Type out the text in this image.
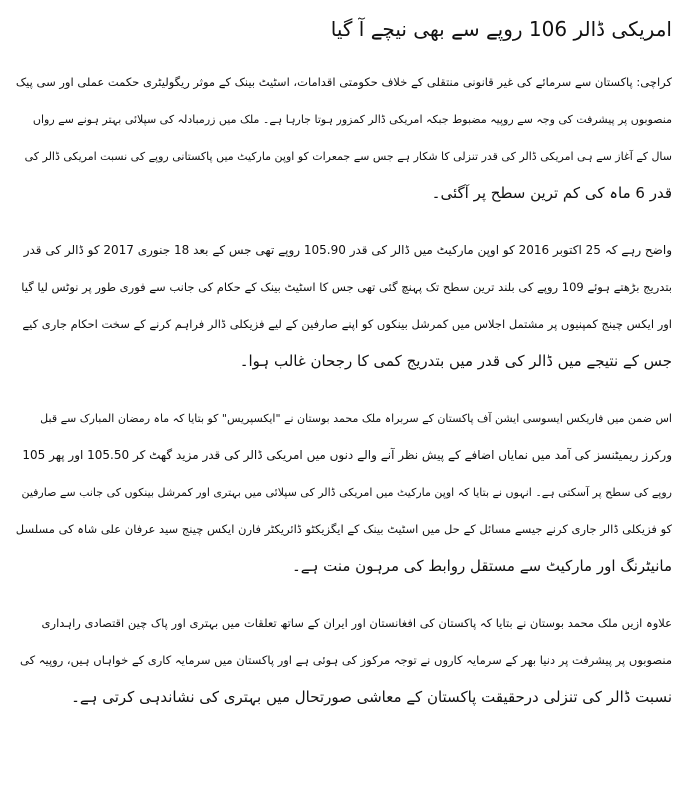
امریکی ڈالر 106 روپے سے بھی نیچے آ گیا

کراچی: پاکستان سے سرمائے کی غیر قانونی منتقلی کے خلاف حکومتی اقدامات، اسٹیٹ بینک کے موثر ریگولیٹری حکمت عملی اور سی پیک
منصوبوں پر پیشرفت کی وجہ سے روپیہ مضبوط جبکہ امریکی ڈالر کمزور ہوتا جارہا ہے۔ ملک میں زرمبادلہ کی سپلائی بہتر ہونے سے رواں
سال کے آغاز سے ہی امریکی ڈالر کی قدر تنزلی کا شکار ہے جس سے جمعرات کو اوپن مارکیٹ میں پاکستانی روپے کی نسبت امریکی ڈالر کی
قدر 6 ماہ کی کم ترین سطح پر آگئی۔

واضح رہے کہ 25 اکتوبر 2016 کو اوپن مارکیٹ میں ڈالر کی قدر 105.90 روپے تھی جس کے بعد 18 جنوری 2017 کو ڈالر کی قدر
بتدریج بڑھتے ہوئے 109 روپے کی بلند ترین سطح تک پہنچ گئی تھی جس کا اسٹیٹ بینک کے حکام کی جانب سے فوری طور پر نوٹس لیا گیا
اور ایکس چینج کمپنیوں پر مشتمل اجلاس میں کمرشل بینکوں کو اپنے صارفین کے لیے فزیکلی ڈالر فراہم کرنے کے سخت احکام جاری کیے
جس کے نتیجے میں ڈالر کی قدر میں بتدریج کمی کا رجحان غالب ہوا۔

اس ضمن میں فاریکس ایسوسی ایشن آف پاکستان کے سربراہ ملک محمد بوستان نے "ایکسپریس" کو بتایا کہ ماہ رمضان المبارک سے قبل
ورکرز ریمیٹنسز کی آمد میں نمایاں اضافے کے پیش نظر آنے والے دنوں میں امریکی ڈالر کی قدر مزید گھٹ کر 105.50 اور پھر 105
روپے کی سطح پر آسکتی ہے۔ انہوں نے بتایا کہ اوپن مارکیٹ میں امریکی ڈالر کی سپلائی میں بہتری اور کمرشل بینکوں کی جانب سے صارفین
کو فزیکلی ڈالر جاری کرنے جیسے مسائل کے حل میں اسٹیٹ بینک کے ایگزیکٹو ڈائریکٹر فارن ایکس چینج سید عرفان علی شاہ کی مسلسل
مانیٹرنگ اور مارکیٹ سے مستقل روابط کی مرہون منت ہے۔

علاوہ ازیں ملک محمد بوستان نے بتایا کہ پاکستان کی افغانستان اور ایران کے ساتھ تعلقات میں بہتری اور پاک چین اقتصادی راہداری
منصوبوں پر پیشرفت پر دنیا بھر کے سرمایہ کاروں نے توجہ مرکوز کی ہوئی ہے اور پاکستان میں سرمایہ کاری کے خواہاں ہیں، روپیہ کی
نسبت ڈالر کی تنزلی درحقیقت پاکستان کے معاشی صورتحال میں بہتری کی نشاندہی کرتی ہے۔
